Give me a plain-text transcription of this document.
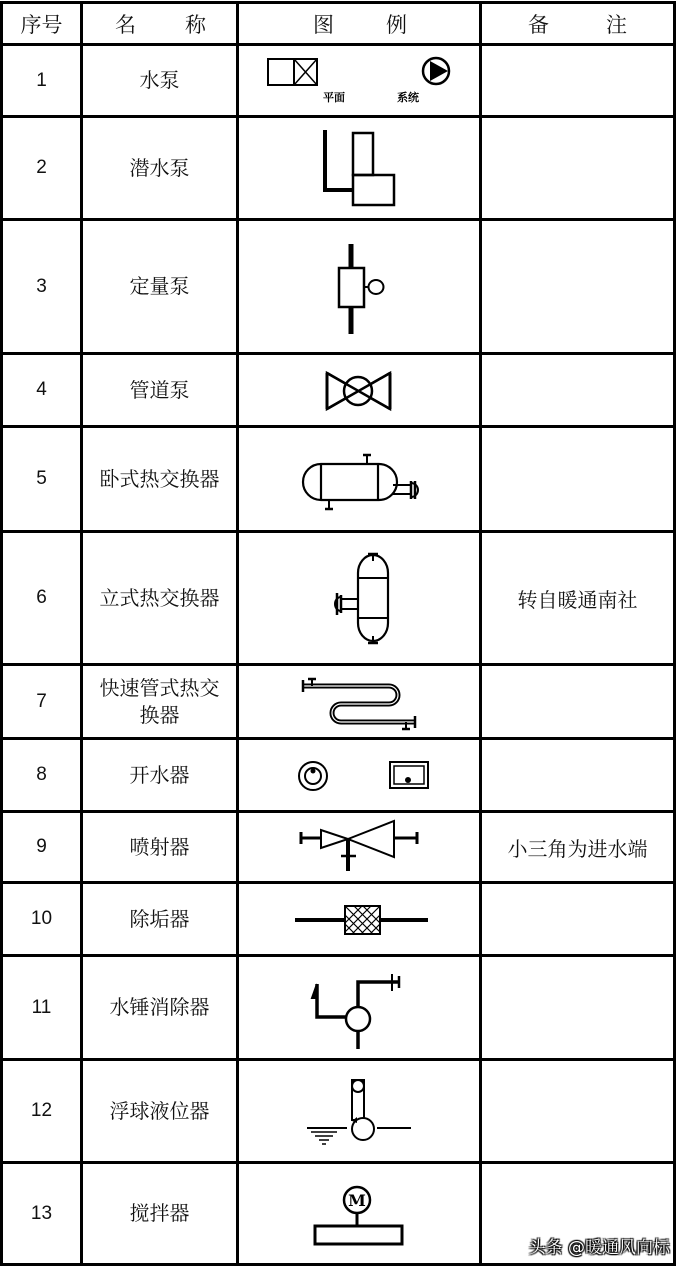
序号	名 称	图 例	备 注

1	水泵	平面 系统	

2	潜水泵	

3	定量泵	

4	管道泵	

5	卧式热交换器	

6	立式热交换器		转自暖通南社
7	快速管式热交
换器

8	开水器	

9	喷射器		小三角为进水端
10	除垢器	

11	水锤消除器	

12	浮球液位器	

13	搅拌器	M	

头条 @暖通风向标
